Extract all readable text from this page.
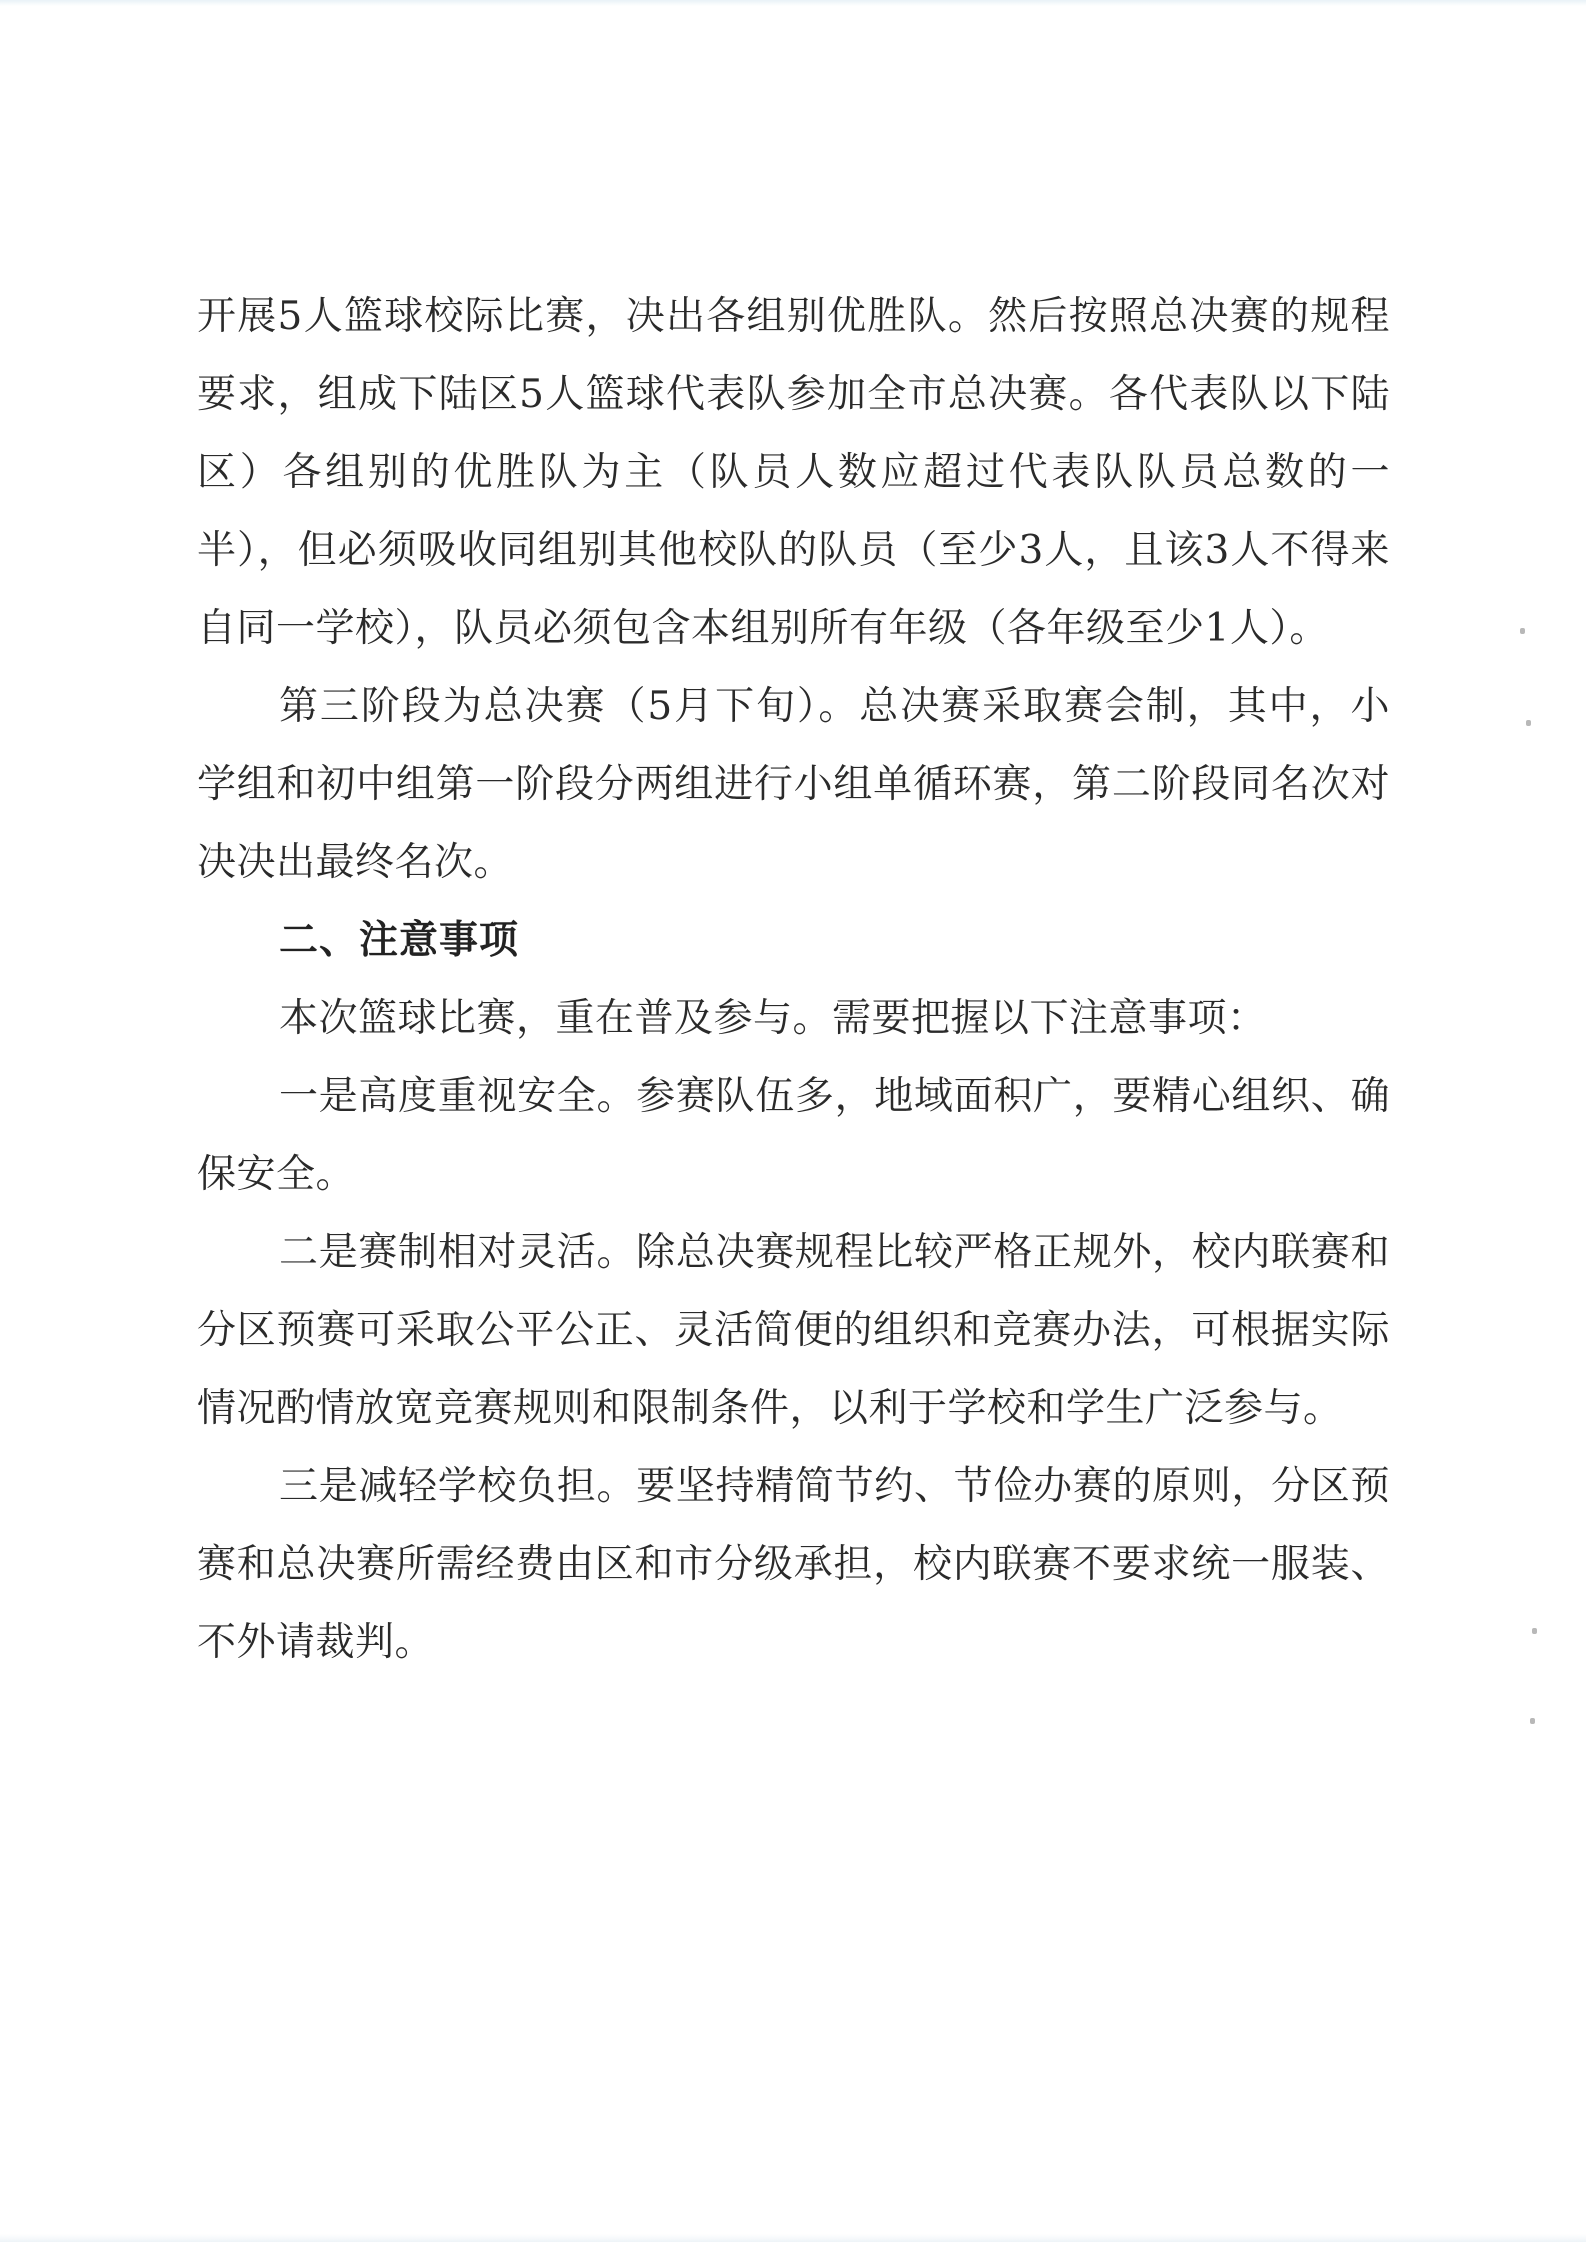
开展5人篮球校际比赛，决出各组别优胜队。然后按照总决赛的规程要求，组成下陆区5人篮球代表队参加全市总决赛。各代表队以下陆区）各组别的优胜队为主（队员人数应超过代表队队员总数的一半），但必须吸收同组别其他校队的队员（至少3人，且该3人不得来自同一学校），队员必须包含本组别所有年级（各年级至少1人）。

第三阶段为总决赛（5月下旬）。总决赛采取赛会制，其中，小学组和初中组第一阶段分两组进行小组单循环赛，第二阶段同名次对决决出最终名次。

二、注意事项

本次篮球比赛，重在普及参与。需要把握以下注意事项：

一是高度重视安全。参赛队伍多，地域面积广，要精心组织、确保安全。

二是赛制相对灵活。除总决赛规程比较严格正规外，校内联赛和分区预赛可采取公平公正、灵活简便的组织和竞赛办法，可根据实际情况酌情放宽竞赛规则和限制条件，以利于学校和学生广泛参与。

三是减轻学校负担。要坚持精简节约、节俭办赛的原则，分区预赛和总决赛所需经费由区和市分级承担，校内联赛不要求统一服装、不外请裁判。
